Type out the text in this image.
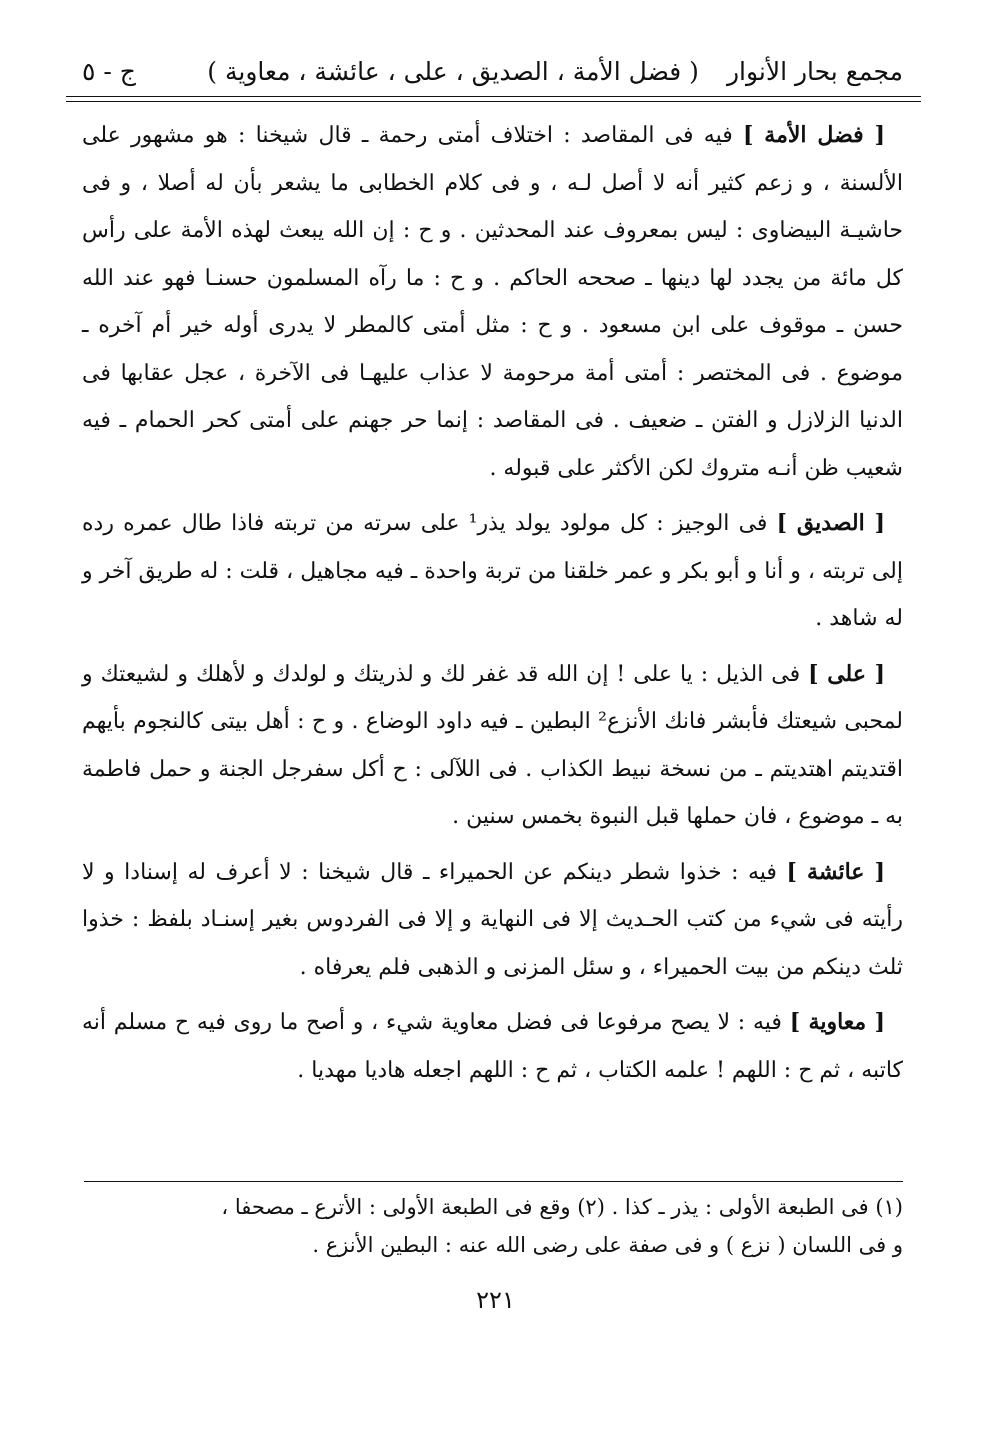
مجمع بحار الأنوار
( فضل الأمة ، الصديق ، على ، عائشة ، معاوية )
ج - ٥

[ فضل الأمة ] فيه فى المقاصد : اختلاف أمتى رحمة ـ قال شيخنا : هو مشهور على الألسنة ، و زعم كثير أنه لا أصل لـه ، و فى كلام الخطابى ما يشعر بأن له أصلا ، و فى حاشيـة البيضاوى : ليس بمعروف عند المحدثين . و ح : إن الله يبعث لهذه الأمة على رأس كل مائة من يجدد لها دينها ـ صححه الحاكم . و ح : ما رآه المسلمون حسنـا فهو عند الله حسن ـ موقوف على ابن مسعود . و ح : مثل أمتى كالمطر لا يدرى أوله خير أم آخره ـ موضوع . فى المختصر : أمتى أمة مرحومة لا عذاب عليهـا فى الآخرة ، عجل عقابها فى الدنيا الزلازل و الفتن ـ ضعيف . فى المقاصد : إنما حر جهنم على أمتى كحر الحمام ـ فيه شعيب ظن أنـه متروك لكن الأكثر على قبوله .

[ الصديق ] فى الوجيز : كل مولود يولد يذر¹ على سرته من تربته فاذا طال عمره رده إلى تربته ، و أنا و أبو بكر و عمر خلقنا من تربة واحدة ـ فيه مجاهيل ، قلت : له طريق آخر و له شاهد .

[ على ] فى الذيل : يا على ! إن الله قد غفر لك و لذريتك و لولدك و لأهلك و لشيعتك و لمحبى شيعتك فأبشر فانك الأنزع² البطين ـ فيه داود الوضاع . و ح : أهل بيتى كالنجوم بأيهم اقتديتم اهتديتم ـ من نسخة نبيط الكذاب . فى اللآلى : ح أكل سفرجل الجنة و حمل فاطمة به ـ موضوع ، فان حملها قبل النبوة بخمس سنين .

[ عائشة ] فيه : خذوا شطر دينكم عن الحميراء ـ قال شيخنا : لا أعرف له إسنادا و لا رأيته فى شيء من كتب الحـديث إلا فى النهاية و إلا فى الفردوس بغير إسنـاد بلفظ : خذوا ثلث دينكم من بيت الحميراء ، و سئل المزنى و الذهبى فلم يعرفاه .

[ معاوية ] فيه : لا يصح مرفوعا فى فضل معاوية شيء ، و أصح ما روى فيه ح مسلم أنه كاتبه ، ثم ح : اللهم ! علمه الكتاب ، ثم ح : اللهم اجعله هاديا مهديا .

(١) فى الطبعة الأولى : يذر ـ كذا . (٢) وقع فى الطبعة الأولى : الأترع ـ مصحفا ،

و فى اللسان ( نزع ) و فى صفة على رضى الله عنه : البطين الأنزع .

٢٢١
